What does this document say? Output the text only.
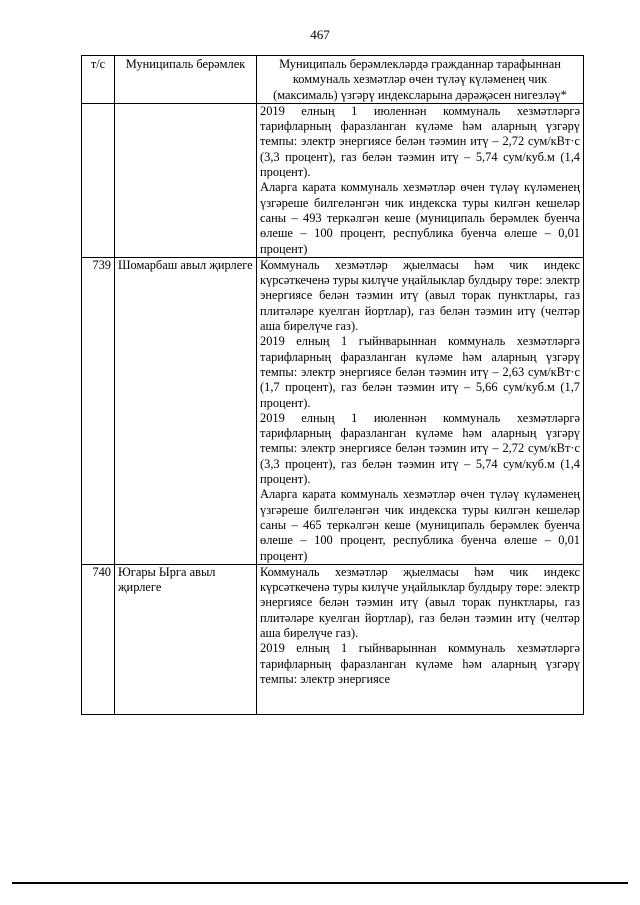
467
т/с	Муниципаль берәмлек	Муниципаль берәмлекләрдә гражданнар тарафыннан коммуналь хезмәтләр өчен түләү күләменең чик (максималь) үзгәрү индексларына дәрәҗәсен нигезләү*

		2019 елның 1 июленнән коммуналь хезмәтләргә тарифларның фаразланган күләме һәм аларның үзгәрү темпы: электр энергиясе белән тәэмин итү – 2,72 сум/кВт·с (3,3 процент), газ белән тәэмин итү – 5,74 сум/куб.м (1,4 процент).

Аларга карата коммуналь хезмәтләр өчен түләү күләменең үзгәреше билгеләнгән чик индекска туры килгән кешеләр саны – 493 теркәлгән кеше (муниципаль берәмлек буенча өлеше – 100 процент, республика буенча өлеше – 0,01 процент)

739	Шомарбаш авыл җирлеге	Коммуналь хезмәтләр җыелмасы һәм чик индекс күрсәткеченә туры килүче уңайлыклар булдыру төре: электр энергиясе белән тәэмин итү (авыл торак пунктлары, газ плитәләре куелган йортлар), газ белән тәэмин итү (челтәр аша бирелүче газ).

2019 елның 1 гыйнварыннан коммуналь хезмәтләргә тарифларның фаразланган күләме һәм аларның үзгәрү темпы: электр энергиясе белән тәэмин итү – 2,63 сум/кВт·с (1,7 процент), газ белән тәэмин итү – 5,66 сум/куб.м (1,7 процент).

2019 елның 1 июленнән коммуналь хезмәтләргә тарифларның фаразланган күләме һәм аларның үзгәрү темпы: электр энергиясе белән тәэмин итү – 2,72 сум/кВт·с (3,3 процент), газ белән тәэмин итү – 5,74 сум/куб.м (1,4 процент).

Аларга карата коммуналь хезмәтләр өчен түләү күләменең үзгәреше билгеләнгән чик индекска туры килгән кешеләр саны – 465 теркәлгән кеше (муниципаль берәмлек буенча өлеше – 100 процент, республика буенча өлеше – 0,01 процент)

740	Югары Ырга авыл җирлеге	Коммуналь хезмәтләр җыелмасы һәм чик индекс күрсәткеченә туры килүче уңайлыклар булдыру төре: электр энергиясе белән тәэмин итү (авыл торак пунктлары, газ плитәләре куелган йортлар), газ белән тәэмин итү (челтәр аша бирелүче газ).

2019 елның 1 гыйнварыннан коммуналь хезмәтләргә тарифларның фаразланган күләме һәм аларның үзгәрү темпы: электр энергиясе
